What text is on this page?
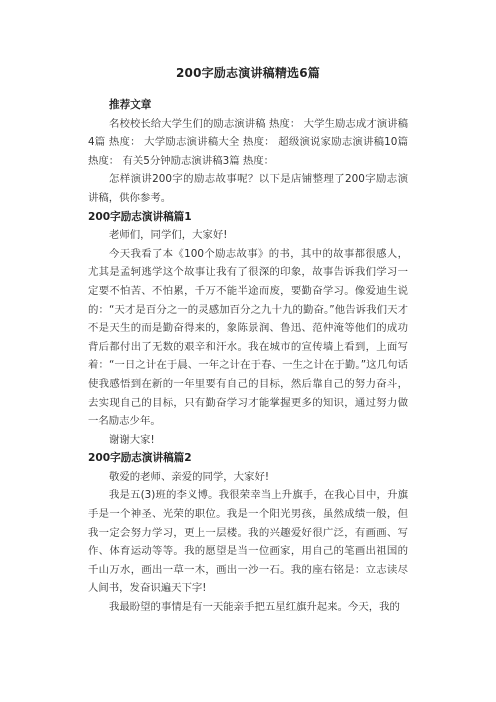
200字励志演讲稿精选6篇

推荐文章

名校校长给大学生们的励志演讲稿 热度： 大学生励志成才演讲稿4篇 热度： 大学励志演讲稿大全 热度： 超级演说家励志演讲稿10篇 热度： 有关5分钟励志演讲稿3篇 热度：

怎样演讲200字的励志故事呢？以下是店铺整理了200字励志演讲稿，供你参考。

200字励志演讲稿篇1

老师们，同学们，大家好!

今天我看了本《100个励志故事》的书，其中的故事都很感人，尤其是孟轲逃学这个故事让我有了很深的印象，故事告诉我们学习一定要不怕苦、不怕累，千万不能半途而废，要勤奋学习。像爱迪生说的：“天才是百分之一的灵感加百分之九十九的勤奋。”他告诉我们天才不是天生的而是勤奋得来的，象陈景润、鲁迅、范仲淹等他们的成功背后都付出了无数的艰辛和汗水。我在城市的宣传墙上看到，上面写着：“一日之计在于晨、一年之计在于春、一生之计在于勤。”这几句话使我感悟到在新的一年里要有自己的目标，然后靠自己的努力奋斗，去实现自己的目标，只有勤奋学习才能掌握更多的知识，通过努力做一名励志少年。

谢谢大家!

200字励志演讲稿篇2

敬爱的老师、亲爱的同学，大家好!

我是五(3)班的李义博。我很荣幸当上升旗手，在我心目中，升旗手是一个神圣、光荣的职位。我是一个阳光男孩，虽然成绩一般，但我一定会努力学习，更上一层楼。我的兴趣爱好很广泛，有画画、写作、体育运动等等。我的愿望是当一位画家，用自己的笔画出祖国的千山万水，画出一草一木，画出一沙一石。我的座右铭是：立志读尽人间书，发奋识遍天下字!

我最盼望的事情是有一天能亲手把五星红旗升起来。今天，我的
